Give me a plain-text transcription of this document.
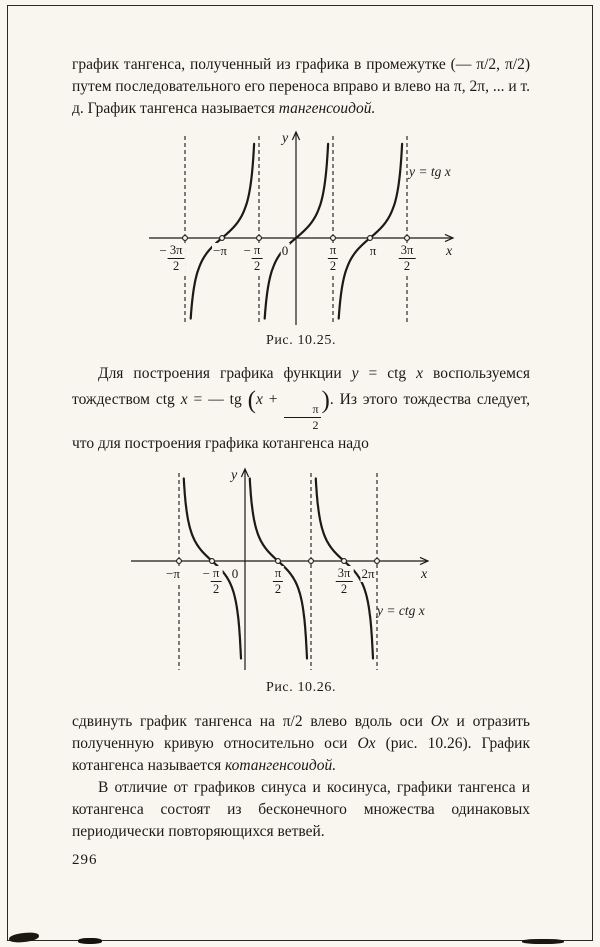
график тангенса, полученный из графика в промежутке (— π/2, π/2) путем последовательного его переноса вправо и влево на π, 2π, ... и т. д. График тангенса называется тангенсоидой.

x
y
y = tg x
− $\frac{3\pi}{2} -\pi - \frac{\pi}{2} 0$	π
2
π 3π
2
Рис. 10.25.

Для построения графика функции y = ctg x воспользуемся тождеством ctg x = — tg (x +
$\frac{\pi}{2}$
). Из этого тождества следует, что для построения графика котангенса надо

x
y
y = ctg x
$-\pi - \frac{\pi}{2} 0$	π
2
3π
2
2π
Рис. 10.26.

сдвинуть график тангенса на π/2 влево вдоль оси Ox и отразить полученную кривую относительно оси Ox (рис. 10.26). График котангенса называется котангенсоидой.

В отличие от графиков синуса и косинуса, графики тангенса и котангенса состоят из бесконечного множества одинаковых периодически повторяющихся ветвей.

296
